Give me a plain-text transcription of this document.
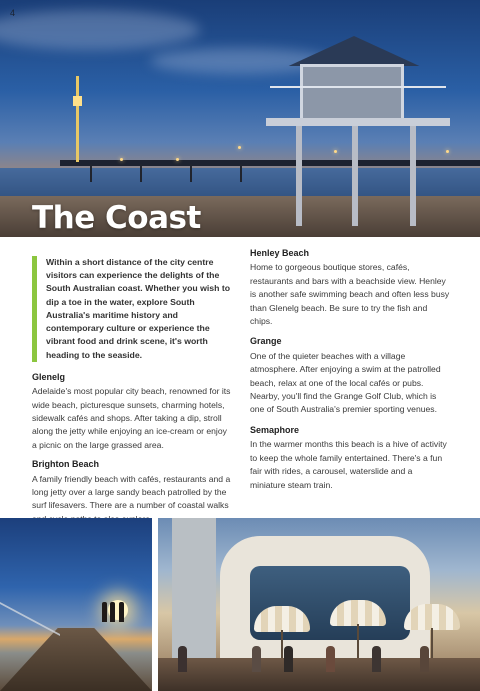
4
The Coast

Within a short distance of the city centre visitors can experience the delights of the South Australian coast. Whether you wish to dip a toe in the water, explore South Australia's maritime history and contemporary culture or experience the vibrant food and drink scene, it's worth heading to the seaside.

Glenelg

Adelaide's most popular city beach, renowned for its wide beach, picturesque sunsets, charming hotels, sidewalk cafés and shops. After taking a dip, stroll along the jetty while enjoying an ice-cream or enjoy a picnic on the large grassed area.

Brighton Beach

A family friendly beach with cafés, restaurants and a long jetty over a large sandy beach patrolled by the surf lifesavers. There are a number of coastal walks

Henley Beach

Home to gorgeous boutique stores, cafés, restaurants and bars with a beachside view. Henley is another safe swimming beach and often less busy than Glenelg beach. Be sure to try the fish and chips.

Grange

One of the quieter beaches with a village atmosphere. After enjoying a swim at the patrolled beach, relax at one of the local cafés or pubs. Nearby, you'll find the Grange Golf Club, which is one of South Australia's premier sporting venues.

Semaphore

In the warmer months this beach is a hive of activity to keep the whole family entertained. There's a fun fair with rides, a carousel, waterslide and a miniature steam train.
